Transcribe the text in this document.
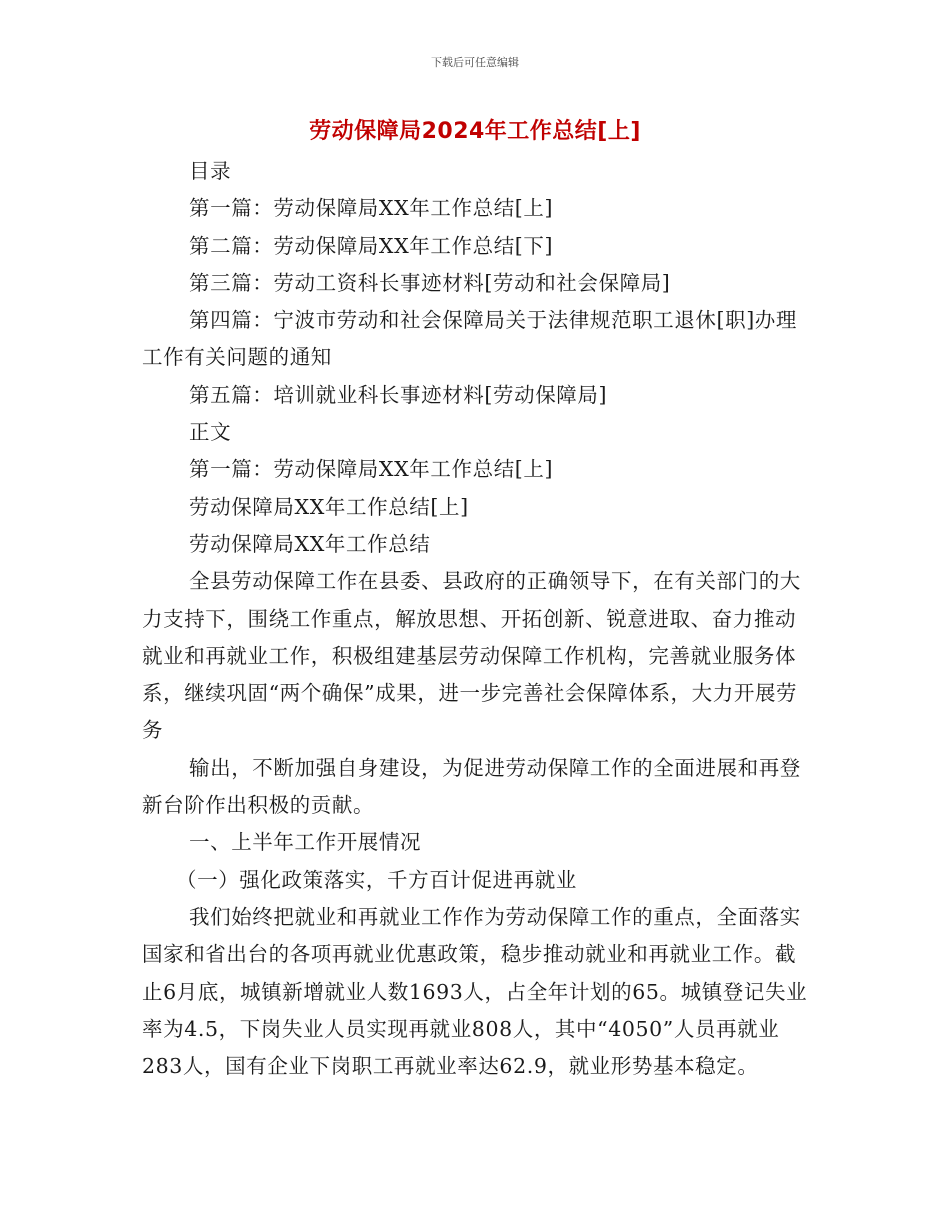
下载后可任意编辑
劳动保障局2024年工作总结[上]

目录

第一篇：劳动保障局XX年工作总结[上]

第二篇：劳动保障局XX年工作总结[下]

第三篇：劳动工资科长事迹材料[劳动和社会保障局]

第四篇：宁波市劳动和社会保障局关于法律规范职工退休[职]办理工作有关问题的通知

第五篇：培训就业科长事迹材料[劳动保障局]

正文

第一篇：劳动保障局XX年工作总结[上]

劳动保障局XX年工作总结[上]

劳动保障局XX年工作总结

全县劳动保障工作在县委、县政府的正确领导下，在有关部门的大力支持下，围绕工作重点，解放思想、开拓创新、锐意进取、奋力推动就业和再就业工作，积极组建基层劳动保障工作机构，完善就业服务体系，继续巩固“两个确保”成果，进一步完善社会保障体系，大力开展劳务

输出，不断加强自身建设，为促进劳动保障工作的全面进展和再登新台阶作出积极的贡献。

一、上半年工作开展情况

（一）强化政策落实，千方百计促进再就业

我们始终把就业和再就业工作作为劳动保障工作的重点，全面落实国家和省出台的各项再就业优惠政策，稳步推动就业和再就业工作。截止6月底，城镇新增就业人数1693人，占全年计划的65。城镇登记失业率为4.5，下岗失业人员实现再就业808人，其中“4050”人员再就业283人，国有企业下岗职工再就业率达62.9，就业形势基本稳定。
